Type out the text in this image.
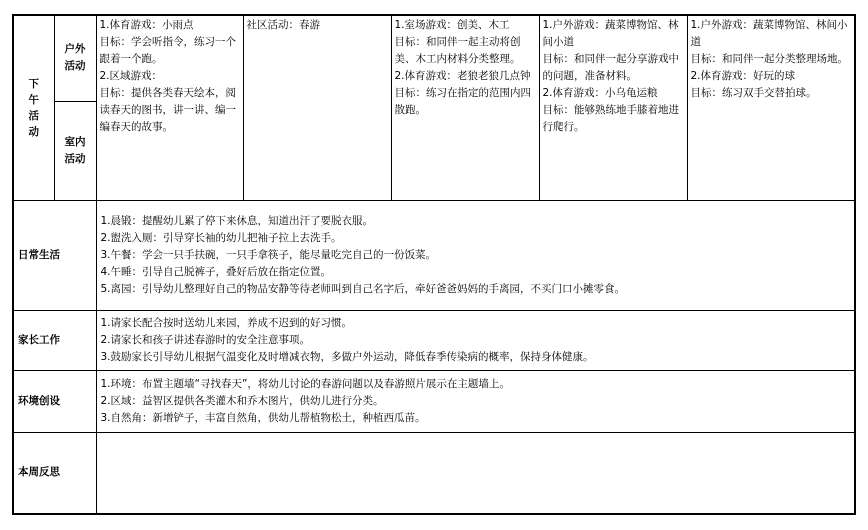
下
午
活
动	户外
活动	1.体育游戏：小雨点
目标：学会听指令，练习一个跟着一个跑。
2.区域游戏：
目标：提供各类春天绘本，阅读春天的图书，讲一讲、编一编春天的故事。	社区活动：春游	1.室场游戏：创美、木工
目标：和同伴一起主动将创美、木工内材料分类整理。
2.体育游戏：老狼老狼几点钟
目标：练习在指定的范围内四散跑。	1.户外游戏：蔬菜博物馆、林间小道
目标：和同伴一起分享游戏中的问题，准备材料。
2.体育游戏：小乌龟运粮
目标：能够熟练地手膝着地进行爬行。	1.户外游戏：蔬菜博物馆、林间小道
目标：和同伴一起分类整理场地。
2.体育游戏：好玩的球
目标：练习双手交替拍球。

	室内
活动					

日常生活		1.晨锻：提醒幼儿累了停下来休息，知道出汗了要脱衣服。
2.盥洗入厕：引导穿长袖的幼儿把袖子拉上去洗手。
3.午餐：学会一只手扶碗，一只手拿筷子，能尽量吃完自己的一份饭菜。
4.午睡：引导自己脱裤子，叠好后放在指定位置。
5.离园：引导幼儿整理好自己的物品安静等待老师叫到自己名字后，牵好爸爸妈妈的手离园，不买门口小摊零食。				

家长工作		1.请家长配合按时送幼儿来园，养成不迟到的好习惯。
2.请家长和孩子讲述春游时的安全注意事项。
3.鼓励家长引导幼儿根据气温变化及时增减衣物，多做户外运动，降低春季传染病的概率，保持身体健康。				

环境创设		1.环境：布置主题墙“寻找春天”，将幼儿讨论的春游问题以及春游照片展示在主题墙上。
2.区域：益智区提供各类灌木和乔木图片，供幼儿进行分类。
3.自然角：新增铲子，丰富自然角，供幼儿帮植物松土，种植西瓜苗。				

本周反思						
